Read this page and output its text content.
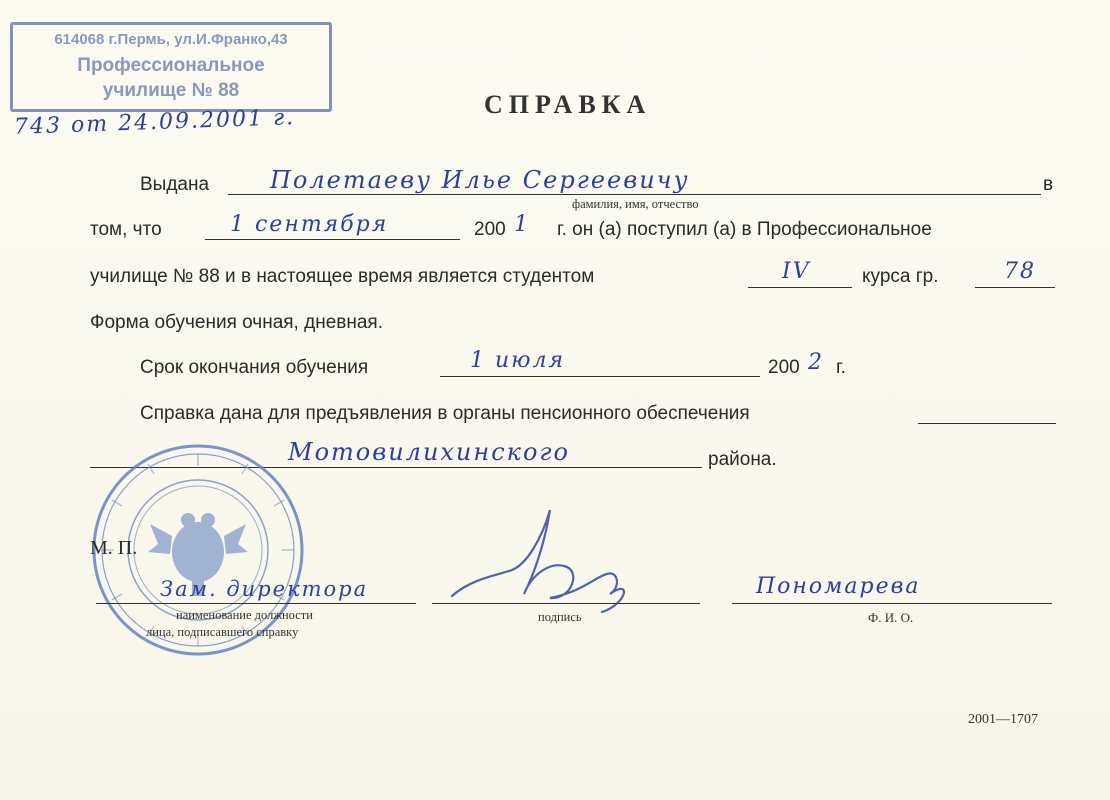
614068 г.Пермь, ул.И.Франко,43
Профессиональное
училище № 88	СПРАВКА
743 от 24.09.2001 г.
Выдана	Полетаеву Илье Сергеевичу	в
фамилия, имя, отчество
том, что	1 сентября	200 1 г. он (а) поступил (а) в Профессиональное
училище № 88 и в настоящее время является студентом	IV	курса гр.	78
Форма обучения очная, дневная.
Срок окончания обучения	1 июля	200 2 г.
Справка дана для предъявления в органы пенсионного обеспечения
Мотовилихинского	района.
М. П.
Зам. директора
наименование должности
лица, подписавшего справку
подпись
Пономарева
Ф. И. О.
2001—1707
